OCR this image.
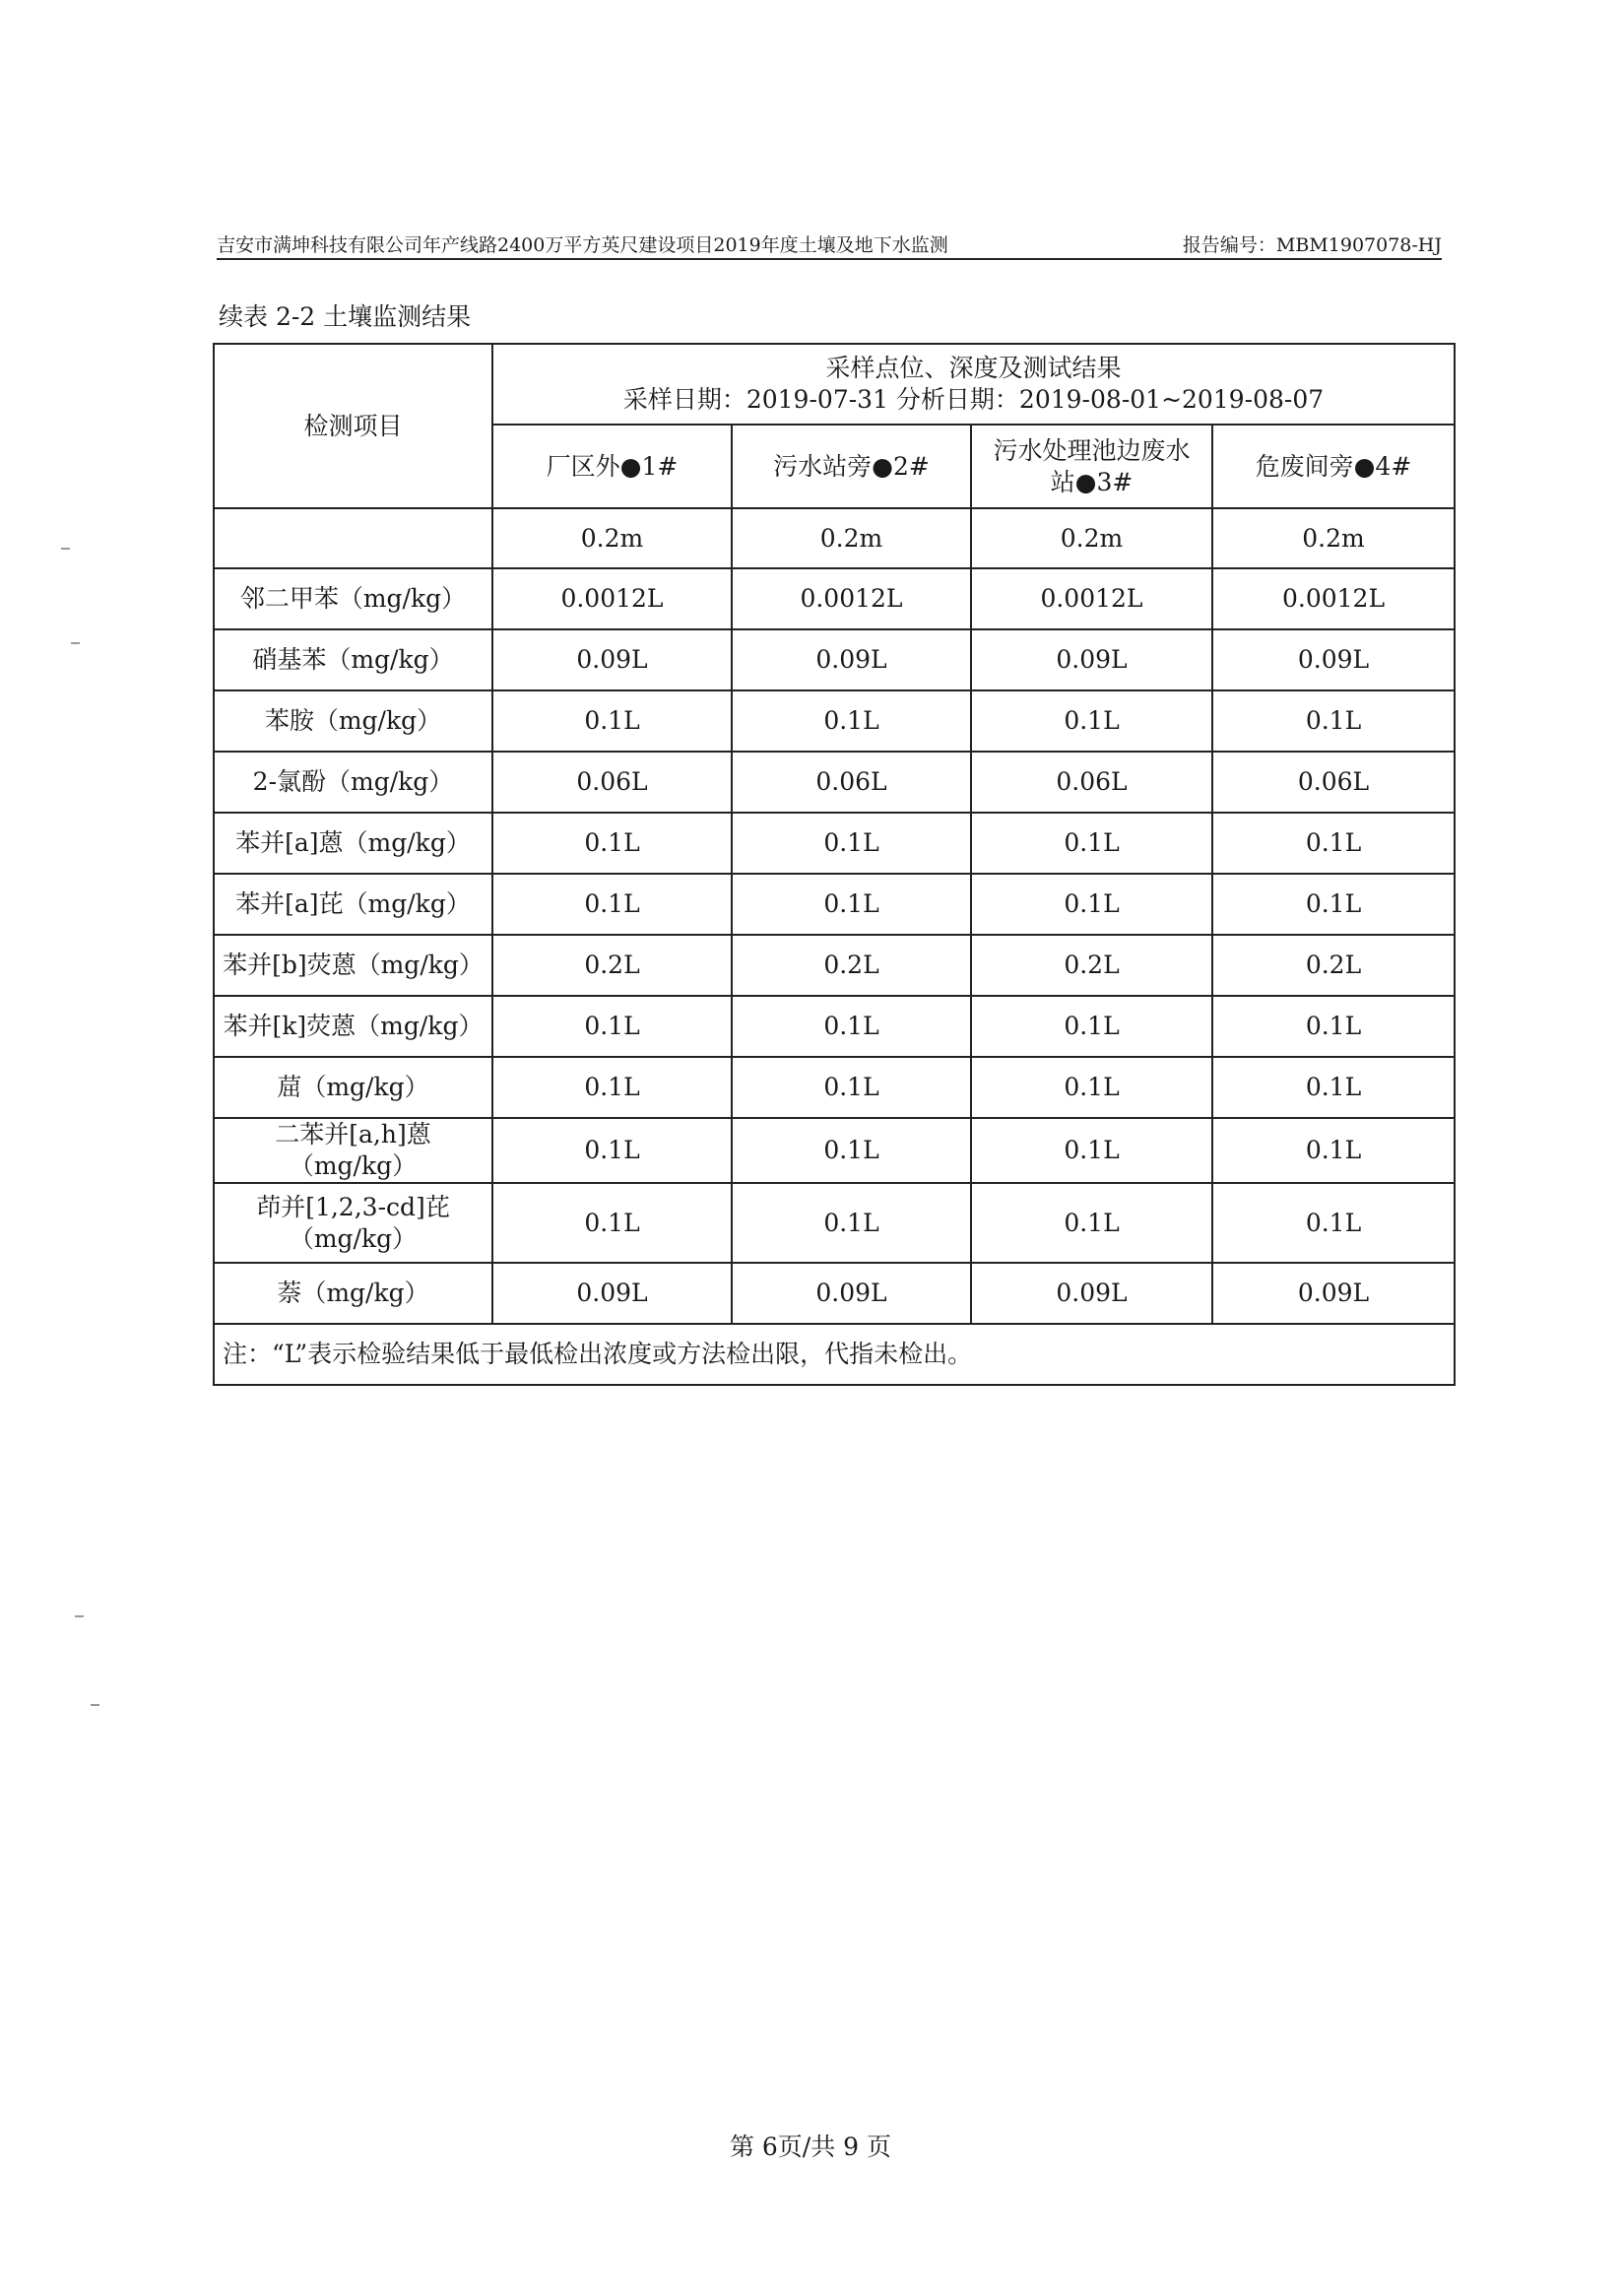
吉安市满坤科技有限公司年产线路2400万平方英尺建设项目2019年度土壤及地下水监测	报告编号：MBM1907078-HJ
续表 2-2 土壤监测结果
检测项目	采样点位、深度及测试结果
采样日期：2019-07-31 分析日期：2019-08-01~2019-08-07			

	厂区外●1#	污水站旁●2#	污水处理池边废水站●3#	危废间旁●4#
	0.2m	0.2m	0.2m	0.2m
邻二甲苯（mg/kg）	0.0012L	0.0012L	0.0012L	0.0012L
硝基苯（mg/kg）	0.09L	0.09L	0.09L	0.09L
苯胺（mg/kg）	0.1L	0.1L	0.1L	0.1L
2-氯酚（mg/kg）	0.06L	0.06L	0.06L	0.06L
苯并[a]蒽（mg/kg）	0.1L	0.1L	0.1L	0.1L
苯并[a]芘（mg/kg）	0.1L	0.1L	0.1L	0.1L
苯并[b]荧蒽（mg/kg）	0.2L	0.2L	0.2L	0.2L
苯并[k]荧蒽（mg/kg）	0.1L	0.1L	0.1L	0.1L
䓛（mg/kg）	0.1L	0.1L	0.1L	0.1L
二苯并[a,h]蒽（mg/kg）	0.1L	0.1L	0.1L	0.1L
茚并[1,2,3-cd]芘（mg/kg）	0.1L	0.1L	0.1L	0.1L
萘（mg/kg）	0.09L	0.09L	0.09L	0.09L
注：“L”表示检验结果低于最低检出浓度或方法检出限，代指未检出。				
第 6页/共 9 页
